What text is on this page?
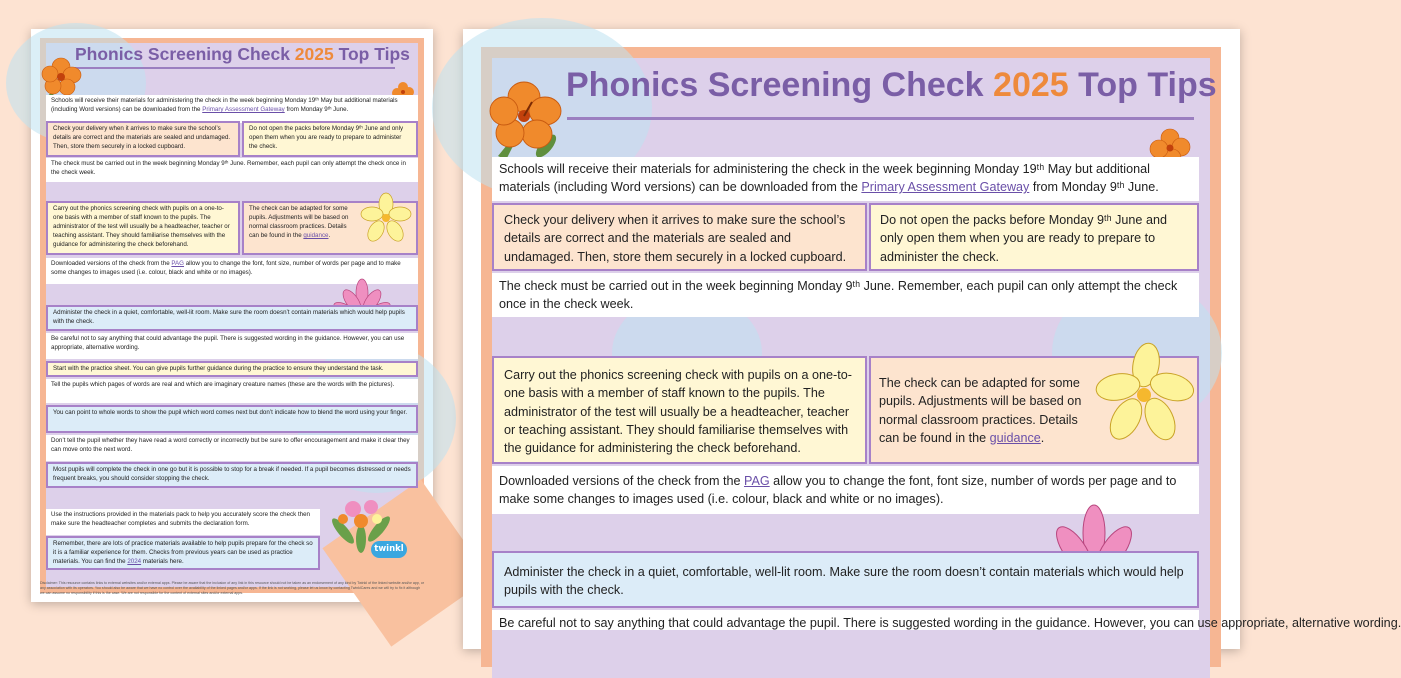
Phonics Screening Check 2025 Top Tips
Schools will receive their materials for administering the check in the week beginning Monday 19ᵗʰ May but additional materials (including Word versions) can be downloaded from the Primary Assessment Gateway from Monday 9ᵗʰ June.
Check your delivery when it arrives to make sure the school’s details are correct and the materials are sealed and undamaged. Then, store them securely in a locked cupboard.
Do not open the packs before Monday 9ᵗʰ June and only open them when you are ready to prepare to administer the check.
The check must be carried out in the week beginning Monday 9ᵗʰ June. Remember, each pupil can only attempt the check once in the check week.
Carry out the phonics screening check with pupils on a one-to-one basis with a member of staff known to the pupils. The administrator of the test will usually be a headteacher, teacher or teaching assistant. They should familiarise themselves with the guidance for administering the check beforehand.
The check can be adapted for some pupils. Adjustments will be based on normal classroom practices. Details can be found in the guidance.
Downloaded versions of the check from the PAG allow you to change the font, font size, number of words per page and to make some changes to images used (i.e. colour, black and white or no images).
Administer the check in a quiet, comfortable, well-lit room. Make sure the room doesn’t contain materials which would help pupils with the check.
Be careful not to say anything that could advantage the pupil. There is suggested wording in the guidance. However, you can use appropriate, alternative wording.
Start with the practice sheet. You can give pupils further guidance during the practice to ensure they understand the task.
Tell the pupils which pages of words are real and which are imaginary creature names (these are the words with the pictures).
You can point to whole words to show the pupil which word comes next but don’t indicate how to blend the word using your finger.
Don’t tell the pupil whether they have read a word correctly or incorrectly but be sure to offer encouragement and make it clear they can move onto the next word.
Most pupils will complete the check in one go but it is possible to stop for a break if needed. If a pupil becomes distressed or needs frequent breaks, you should consider stopping the check.
Use the instructions provided in the materials pack to help you accurately score the check then make sure the headteacher completes and submits the declaration form.
Remember, there are lots of practice materials available to help pupils prepare for the check so it is a familiar experience for them. Checks from previous years can be used as practice materials. You can find the 2024 materials here.
twinkl
Disclaimer: This resource contains links to external websites and/or external apps. Please be aware that the inclusion of any link in this resource should not be taken as an endorsement of any kind by Twinkl of the linked website and/or app, or any association with its operators. You should also be aware that we have no control over the availability of the linked pages and/or apps. If the link is not working, please let us know by contacting TwinklCares and we will try to fix it although we can assume no responsibility if this is the case. We are not responsible for the content of external sites and/or external apps.
Phonics Screening Check 2025 Top Tips
Schools will receive their materials for administering the check in the week beginning Monday 19ᵗʰ May but additional materials (including Word versions) can be downloaded from the Primary Assessment Gateway from Monday 9ᵗʰ June.
Check your delivery when it arrives to make sure the school’s details are correct and the materials are sealed and undamaged. Then, store them securely in a locked cupboard.
Do not open the packs before Monday 9ᵗʰ June and only open them when you are ready to prepare to administer the check.
The check must be carried out in the week beginning Monday 9ᵗʰ June. Remember, each pupil can only attempt the check once in the check week.
Carry out the phonics screening check with pupils on a one-to-one basis with a member of staff known to the pupils. The administrator of the test will usually be a headteacher, teacher or teaching assistant. They should familiarise themselves with the guidance for administering the check beforehand.
The check can be adapted for some pupils. Adjustments will be based on normal classroom practices. Details can be found in the guidance.
Downloaded versions of the check from the PAG allow you to change the font, font size, number of words per page and to make some changes to images used (i.e. colour, black and white or no images).
Administer the check in a quiet, comfortable, well-lit room. Make sure the room doesn’t contain materials which would help pupils with the check.
Be careful not to say anything that could advantage the pupil. There is suggested wording in the guidance. However, you can use appropriate, alternative wording.
